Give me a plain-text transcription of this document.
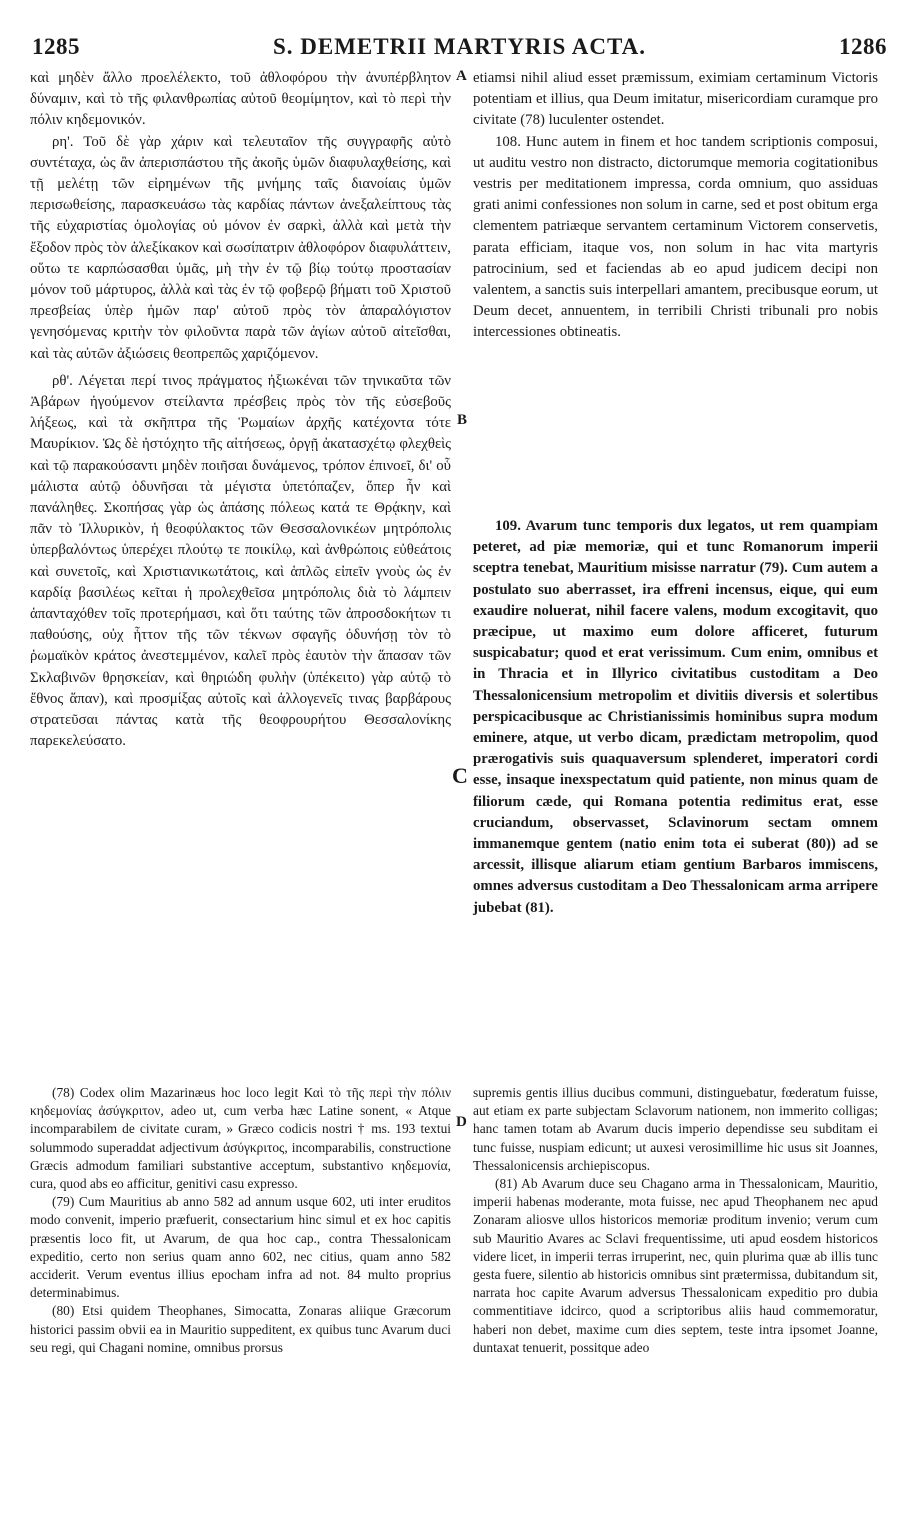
1285	S. DEMETRII MARTYRIS ACTA.	1286

καὶ μηδὲν ἄλλο προελέλεκτο, τοῦ ἀθλοφόρου τὴν ἀνυπέρβλητον δύναμιν, καὶ τὸ τῆς φιλανθρωπίας αὐτοῦ θεομίμητον, καὶ τὸ περὶ τὴν πόλιν κηδεμονικόν.

ρη'. Τοῦ δὲ γὰρ χάριν καὶ τελευταῖον τῆς συγγραφῆς αὐτὸ συντέταχα, ὡς ἂν ἀπερισπάστου τῆς ἀκοῆς ὑμῶν διαφυλαχθείσης, καὶ τῇ μελέτῃ τῶν εἰρημένων τῆς μνήμης ταῖς διανοίαις ὑμῶν περισωθείσης, παρασκευάσω τὰς καρδίας πάντων ἀνεξαλείπτους τὰς τῆς εὐχαριστίας ὁμολογίας οὐ μόνον ἐν σαρκὶ, ἀλλὰ καὶ μετὰ τὴν ἔξοδον πρὸς τὸν ἀλεξίκακον καὶ σωσίπατριν ἀθλοφόρον διαφυλάττειν, οὕτω τε καρπώσασθαι ὑμᾶς, μὴ τὴν ἐν τῷ βίῳ τούτῳ προστασίαν μόνον τοῦ μάρτυρος, ἀλλὰ καὶ τὰς ἐν τῷ φοβερῷ βήματι τοῦ Χριστοῦ πρεσβείας ὑπὲρ ἡμῶν παρ' αὐτοῦ πρὸς τὸν ἀπαραλόγιστον γενησόμενας κριτὴν τὸν φιλοῦντα παρὰ τῶν ἁγίων αὐτοῦ αἰτεῖσθαι, καὶ τὰς αὐτῶν ἀξιώσεις θεοπρεπῶς χαριζόμενον.

ρθ'. Λέγεται περί τινος πράγματος ἠξιωκέναι τῶν τηνικαῦτα τῶν Ἀβάρων ἡγούμενον στείλαντα πρέσβεις πρὸς τὸν τῆς εὐσεβοῦς λήξεως, καὶ τὰ σκῆπτρα τῆς Ῥωμαίων ἀρχῆς κατέχοντα τότε Μαυρίκιον. Ὡς δὲ ἠστόχητο τῆς αἰτήσεως, ὀργῇ ἀκατασχέτῳ φλεχθεὶς καὶ τῷ παρακούσαντι μηδὲν ποιῆσαι δυνάμενος, τρόπον ἐπινοεῖ, δι' οὗ μάλιστα αὐτῷ ὀδυνῆσαι τὰ μέγιστα ὑπετόπαζεν, ὅπερ ἦν καὶ πανάληθες. Σκοπήσας γὰρ ὡς ἁπάσης πόλεως κατά τε Θρᾴκην, καὶ πᾶν τὸ Ἰλλυρικὸν, ἡ θεοφύλακτος τῶν Θεσσαλονικέων μητρόπολις ὑπερβαλόντως ὑπερέχει πλούτῳ τε ποικίλῳ, καὶ ἀνθρώποις εὐθεάτοις καὶ συνετοῖς, καὶ Χριστιανικωτάτοις, καὶ ἁπλῶς εἰπεῖν γνοὺς ὡς ἐν καρδίᾳ βασιλέως κεῖται ἡ προλεχθεῖσα μητρόπολις διὰ τὸ λάμπειν ἁπανταχόθεν τοῖς προτερήμασι, καὶ ὅτι ταύτης τῶν ἀπροσδοκήτων τι παθούσης, οὐχ ἧττον τῆς τῶν τέκνων σφαγῆς ὀδυνήσῃ τὸν τὸ ῥωμαϊκὸν κράτος ἀνεστεμμένον, καλεῖ πρὸς ἑαυτὸν τὴν ἅπασαν τῶν Σκλαβινῶν θρησκείαν, καὶ θηριώδη φυλὴν (ὑπέκειτο) γὰρ αὐτῷ τὸ ἔθνος ἅπαν), καὶ προσμίξας αὐτοῖς καὶ ἀλλογενεῖς τινας βαρβάρους στρατεῦσαι πάντας κατὰ τῆς θεοφρουρήτου Θεσσαλονίκης παρεκελεύσατο.

etiamsi nihil aliud esset præmissum, eximiam certaminum Victoris potentiam et illius, qua Deum imitatur, misericordiam curamque pro civitate (78) luculenter ostendet.

108. Hunc autem in finem et hoc tandem scriptionis composui, ut auditu vestro non distracto, dictorumque memoria cogitationibus vestris per meditationem impressa, corda omnium, quo assiduas grati animi confessiones non solum in carne, sed et post obitum erga clementem patriæque servantem certaminum Victorem conservetis, parata efficiam, itaque vos, non solum in hac vita martyris patrocinium, sed et faciendas ab eo apud judicem decipi non valentem, a sanctis suis interpellari amantem, precibusque eorum, ut Deum decet, annuentem, in terribili Christi tribunali pro nobis intercessiones obtineatis.

109. Avarum tunc temporis dux legatos, ut rem quampiam peteret, ad piæ memoriæ, qui et tunc Romanorum imperii sceptra tenebat, Mauritium misisse narratur (79). Cum autem a postulato suo aberrasset, ira effreni incensus, eique, qui eum exaudire noluerat, nihil facere valens, modum excogitavit, quo præcipue, ut maximo eum dolore afficeret, futurum suspicabatur; quod et erat verissimum. Cum enim, omnibus et in Thracia et in Illyrico civitatibus custoditam a Deo Thessalonicensium metropolim et divitiis diversis et solertibus perspicacibusque ac Christianissimis hominibus supra modum eminere, atque, ut verbo dicam, prædictam metropolim, quod prærogativis suis quaquaversum splenderet, imperatori cordi esse, insaque inexspectatum quid patiente, non minus quam de filiorum cæde, qui Romana potentia redimitus erat, esse cruciandum, observasset, Sclavinorum sectam omnem immanemque gentem (natio enim tota ei suberat (80)) ad se arcessit, illisque aliarum etiam gentium Barbaros immiscens, omnes adversus custoditam a Deo Thessalonicam arma arripere jubebat (81).

A
B
C
D

(78) Codex olim Mazarinæus hoc loco legit Καὶ τὸ τῆς περὶ τὴν πόλιν κηδεμονίας ἀσύγκριτον, adeo ut, cum verba hæc Latine sonent, « Atque incomparabilem de civitate curam, » Græco codicis nostri † ms. 193 textui solummodo superaddat adjectivum ἀσύγκριτος, incomparabilis, constructione Græcis admodum familiari substantive acceptum, substantivo κηδεμονία, cura, quod abs eo afficitur, genitivi casu expresso.

(79) Cum Mauritius ab anno 582 ad annum usque 602, uti inter eruditos modo convenit, imperio præfuerit, consectarium hinc simul et ex hoc capitis præsentis loco fit, ut Avarum, de qua hoc cap., contra Thessalonicam expeditio, certo non serius quam anno 602, nec citius, quam anno 582 acciderit. Verum eventus illius epocham infra ad not. 84 multo proprius determinabimus.

(80) Etsi quidem Theophanes, Simocatta, Zonaras aliique Græcorum historici passim obvii ea in Mauritio suppeditent, ex quibus tunc Avarum duci seu regi, qui Chagani nomine, omnibus prorsus

supremis gentis illius ducibus communi, distinguebatur, fœderatum fuisse, aut etiam ex parte subjectam Sclavorum nationem, non immerito colligas; hanc tamen totam ab Avarum ducis imperio dependisse seu subditam ei tunc fuisse, nuspiam edicunt; ut auxesi verosimillime hic usus sit Joannes, Thessalonicensis archiepiscopus.

(81) Ab Avarum duce seu Chagano arma in Thessalonicam, Mauritio, imperii habenas moderante, mota fuisse, nec apud Theophanem nec apud Zonaram aliosve ullos historicos memoriæ proditum invenio; verum cum sub Mauritio Avares ac Sclavi frequentissime, uti apud eosdem historicos videre licet, in imperii terras irruperint, nec, quin plurima quæ ab illis tunc gesta fuere, silentio ab historicis omnibus sint prætermissa, dubitandum sit, narrata hoc capite Avarum adversus Thessalonicam expeditio pro dubia commentitiave idcirco, quod a scriptoribus aliis haud commemoratur, haberi non debet, maxime cum dies septem, teste intra ipsomet Joanne, duntaxat tenuerit, possitque adeo
